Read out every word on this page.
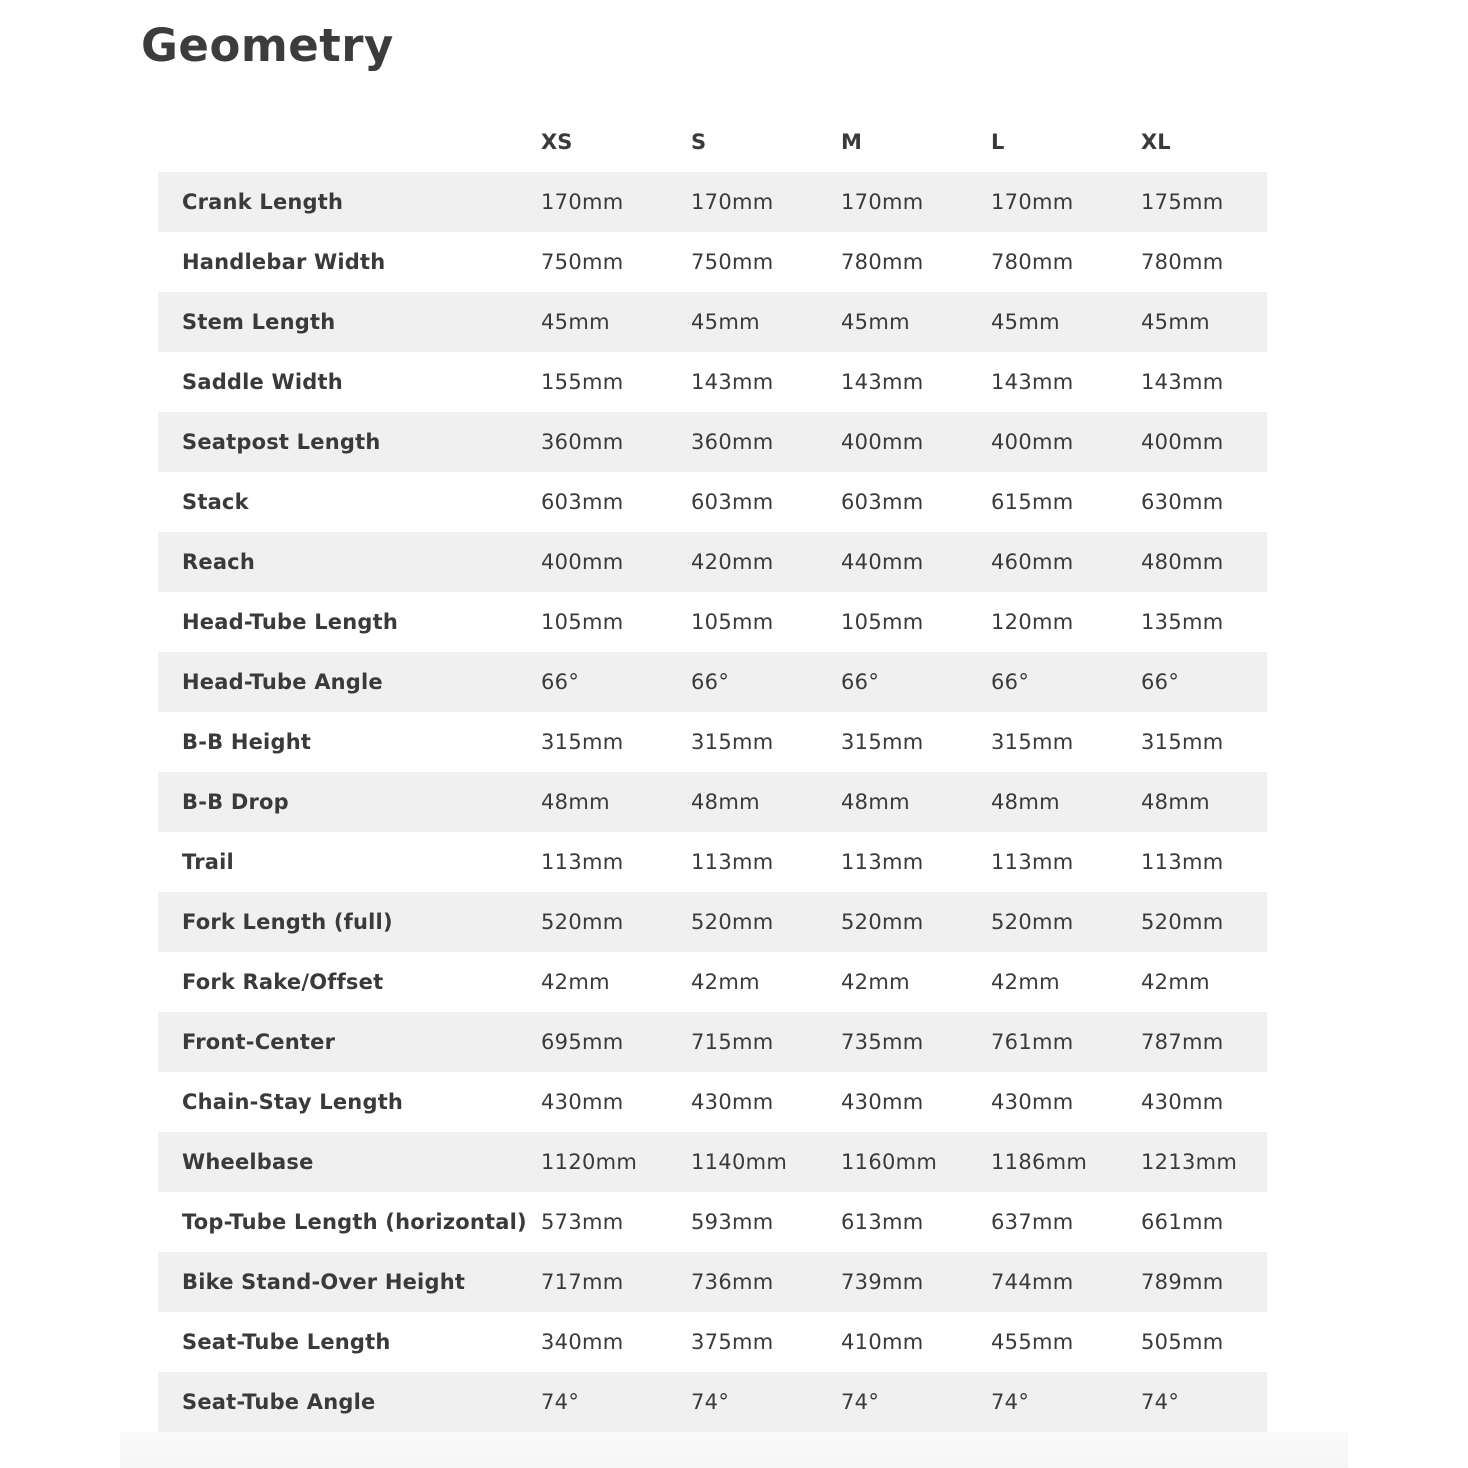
Geometry
	XS	S	M	L	XL
Crank Length	170mm	170mm	170mm	170mm	175mm
Handlebar Width	750mm	750mm	780mm	780mm	780mm
Stem Length	45mm	45mm	45mm	45mm	45mm
Saddle Width	155mm	143mm	143mm	143mm	143mm
Seatpost Length	360mm	360mm	400mm	400mm	400mm
Stack	603mm	603mm	603mm	615mm	630mm
Reach	400mm	420mm	440mm	460mm	480mm
Head-Tube Length	105mm	105mm	105mm	120mm	135mm
Head-Tube Angle	66°	66°	66°	66°	66°
B-B Height	315mm	315mm	315mm	315mm	315mm
B-B Drop	48mm	48mm	48mm	48mm	48mm
Trail	113mm	113mm	113mm	113mm	113mm
Fork Length (full)	520mm	520mm	520mm	520mm	520mm
Fork Rake/Offset	42mm	42mm	42mm	42mm	42mm
Front-Center	695mm	715mm	735mm	761mm	787mm
Chain-Stay Length	430mm	430mm	430mm	430mm	430mm
Wheelbase	1120mm	1140mm	1160mm	1186mm	1213mm
Top-Tube Length (horizontal)	573mm	593mm	613mm	637mm	661mm
Bike Stand-Over Height	717mm	736mm	739mm	744mm	789mm
Seat-Tube Length	340mm	375mm	410mm	455mm	505mm
Seat-Tube Angle	74°	74°	74°	74°	74°
